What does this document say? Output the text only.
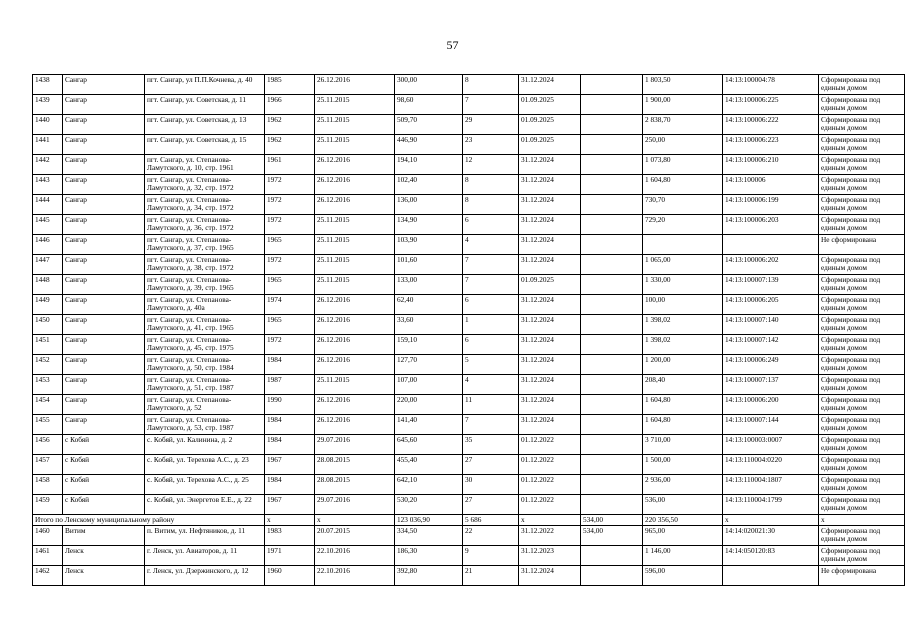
57
1438	Сангар	пгт. Сангар, ул П.П.Кочнева, д. 40	1985	26.12.2016	300,00	8	31.12.2024		1 803,50	14:13:100004:78	Сформирована под единым домом
1439	Сангар	пгт. Сангар, ул. Советская, д. 11	1966	25.11.2015	98,60	7	01.09.2025		1 900,00	14:13:100006:225	Сформирована под единым домом
1440	Сангар	пгт. Сангар, ул. Советская, д. 13	1962	25.11.2015	509,70	29	01.09.2025		2 838,70	14:13:100006:222	Сформирована под единым домом
1441	Сангар	пгт. Сангар, ул. Советская, д. 15	1962	25.11.2015	446,90	23	01.09.2025		250,00	14:13:100006:223	Сформирована под единым домом
1442	Сангар	пгт. Сангар, ул. Степанова-Ламутского, д. 10, стр. 1961	1961	26.12.2016	194,10	12	31.12.2024		1 073,80	14:13:100006:210	Сформирована под единым домом
1443	Сангар	пгт. Сангар, ул. Степанова-Ламутского, д. 32, стр. 1972	1972	26.12.2016	102,40	8	31.12.2024		1 604,80	14:13:100006	Сформирована под единым домом
1444	Сангар	пгт. Сангар, ул. Степанова-Ламутского, д. 34, стр. 1972	1972	26.12.2016	136,00	8	31.12.2024		730,70	14:13:100006:199	Сформирована под единым домом
1445	Сангар	пгт. Сангар, ул. Степанова-Ламутского, д. 36, стр. 1972	1972	25.11.2015	134,90	6	31.12.2024		729,20	14:13:100006:203	Сформирована под единым домом
1446	Сангар	пгт. Сангар, ул. Степанова-Ламутского, д. 37, стр. 1965	1965	25.11.2015	103,90	4	31.12.2024				Не сформирована
1447	Сангар	пгт. Сангар, ул. Степанова-Ламутского, д. 38, стр. 1972	1972	25.11.2015	101,60	7	31.12.2024		1 065,00	14:13:100006:202	Сформирована под единым домом
1448	Сангар	пгт. Сангар, ул. Степанова-Ламутского, д. 39, стр. 1965	1965	25.11.2015	133,00	7	01.09.2025		1 330,00	14:13:100007:139	Сформирована под единым домом
1449	Сангар	пгт. Сангар, ул. Степанова-Ламутского, д. 40а	1974	26.12.2016	62,40	6	31.12.2024		100,00	14:13:100006:205	Сформирована под единым домом
1450	Сангар	пгт. Сангар, ул. Степанова-Ламутского, д. 41, стр. 1965	1965	26.12.2016	33,60	1	31.12.2024		1 398,02	14:13:100007:140	Сформирована под единым домом
1451	Сангар	пгт. Сангар, ул. Степанова-Ламутского, д. 45, стр. 1975	1972	26.12.2016	159,10	6	31.12.2024		1 398,02	14:13:100007:142	Сформирована под единым домом
1452	Сангар	пгт. Сангар, ул. Степанова-Ламутского, д. 50, стр. 1984	1984	26.12.2016	127,70	5	31.12.2024		1 200,00	14:13:100006:249	Сформирована под единым домом
1453	Сангар	пгт. Сангар, ул. Степанова-Ламутского, д. 51, стр. 1987	1987	25.11.2015	107,00	4	31.12.2024		208,40	14:13:100007:137	Сформирована под единым домом
1454	Сангар	пгт. Сангар, ул. Степанова-Ламутского, д. 52	1990	26.12.2016	220,00	11	31.12.2024		1 604,80	14:13:100006:200	Сформирована под единым домом
1455	Сангар	пгт. Сангар, ул. Степанова-Ламутского, д. 53, стр. 1987	1984	26.12.2016	141,40	7	31.12.2024		1 604,80	14:13:100007:144	Сформирована под единым домом
1456	с Кобяй	с. Кобяй, ул. Калинина, д. 2	1984	29.07.2016	645,60	35	01.12.2022		3 710,00	14:13:100003:0007	Сформирована под единым домом
1457	с Кобяй	с. Кобяй, ул. Терехова А.С., д. 23	1967	28.08.2015	455,40	27	01.12.2022		1 500,00	14:13:110004:0220	Сформирована под единым домом
1458	с Кобяй	с. Кобяй, ул. Терехова А.С., д. 25	1984	28.08.2015	642,10	30	01.12.2022		2 936,00	14:13:110004:1807	Сформирована под единым домом
1459	с Кобяй	с. Кобяй, ул. Энергетов Е.Е., д. 22	1967	29.07.2016	530,20	27	01.12.2022		536,00	14:13:110004:1799	Сформирована под единым домом
Итого по Ленскому муниципальному району			х	х	123 036,90	5 686	х	534,00	220 356,50	х	х
1460	Витим	п. Витим, ул. Нефтяников, д. 11	1983	20.07.2015	334,50	22	31.12.2022	534,00	965,00	14:14:020021:30	Сформирована под единым домом
1461	Ленск	г. Ленск, ул. Авиаторов, д. 11	1971	22.10.2016	186,30	9	31.12.2023		1 146,00	14:14:050120:83	Сформирована под единым домом
1462	Ленск	г. Ленск, ул. Дзержинского, д. 12	1960	22.10.2016	392,80	21	31.12.2024		596,00		Не сформирована
